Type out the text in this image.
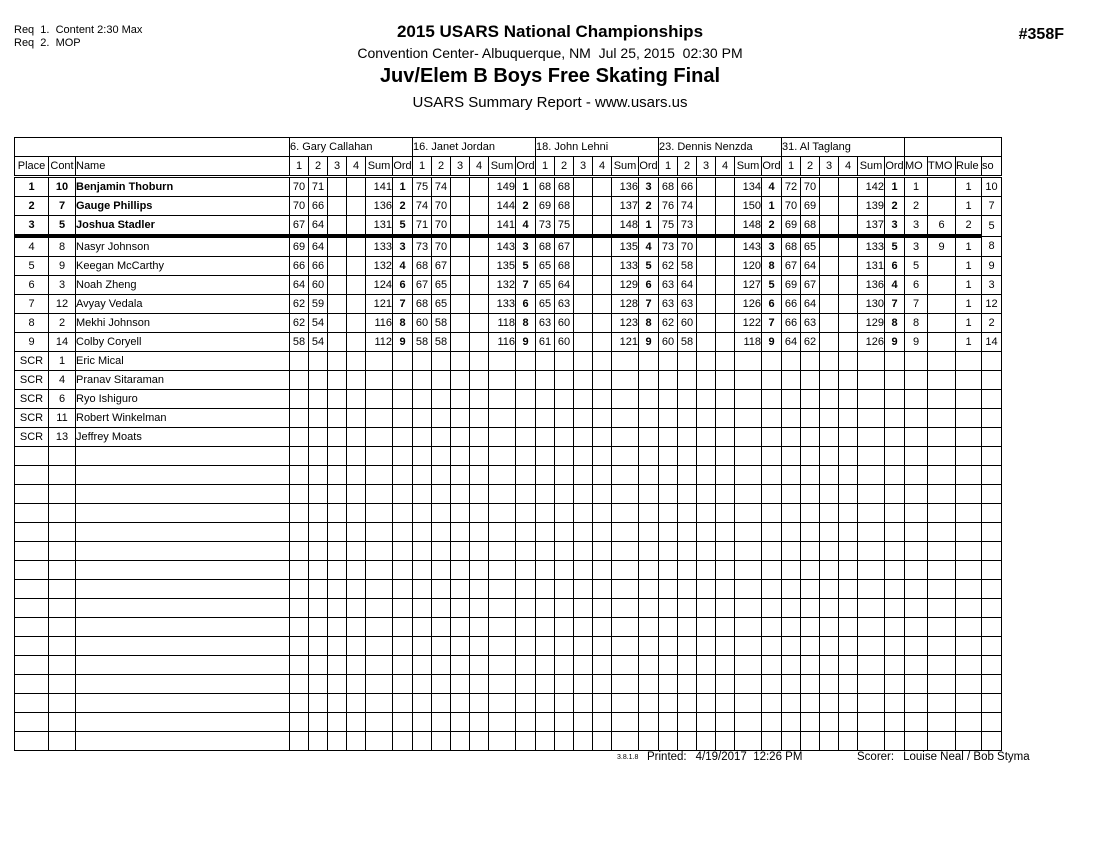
Req  1.  Content 2:30 Max
Req  2.  MOP
2015 USARS National Championships
Convention Center- Albuquerque, NM  Jul 25, 2015  02:30 PM
Juv/Elem B Boys Free Skating Final
USARS Summary Report - www.usars.us
#358F
			6. Gary Callahan						16. Janet Jordan						18. John Lehni						23. Dennis Nenzda						31. Al Taglang									
Place	Cont	Name	1	2	3	4	Sum	Ord	1	2	3	4	Sum	Ord	1	2	3	4	Sum	Ord	1	2	3	4	Sum	Ord	1	2	3	4	Sum	Ord	MO	TMO	Rule	so
1	10	Benjamin Thoburn	70	71			141	1	75	74			149	1	68	68			136	3	68	66			134	4	72	70			142	1	1		1	10
2	7	Gauge Phillips	70	66			136	2	74	70			144	2	69	68			137	2	76	74			150	1	70	69			139	2	2		1	7
3	5	Joshua Stadler	67	64			131	5	71	70			141	4	73	75			148	1	75	73			148	2	69	68			137	3	3	6	2	5
4	8	Nasyr Johnson	69	64			133	3	73	70			143	3	68	67			135	4	73	70			143	3	68	65			133	5	3	9	1	8
5	9	Keegan McCarthy	66	66			132	4	68	67			135	5	65	68			133	5	62	58			120	8	67	64			131	6	5		1	9
6	3	Noah Zheng	64	60			124	6	67	65			132	7	65	64			129	6	63	64			127	5	69	67			136	4	6		1	3
7	12	Avyay Vedala	62	59			121	7	68	65			133	6	65	63			128	7	63	63			126	6	66	64			130	7	7		1	12
8	2	Mekhi Johnson	62	54			116	8	60	58			118	8	63	60			123	8	62	60			122	7	66	63			129	8	8		1	2
9	14	Colby Coryell	58	54			112	9	58	58			116	9	61	60			121	9	60	58			118	9	64	62			126	9	9		1	14
SCR	1	Eric Mical																																		
SCR	4	Pranav Sitaraman																																		
SCR	6	Ryo Ishiguro																																		
SCR	11	Robert Winkelman																																		
SCR	13	Jeffrey Moats																																		

3.8.1.8 Printed: 4/19/2017  12:26 PM	Scorer: Louise Neal / Bob Styma
